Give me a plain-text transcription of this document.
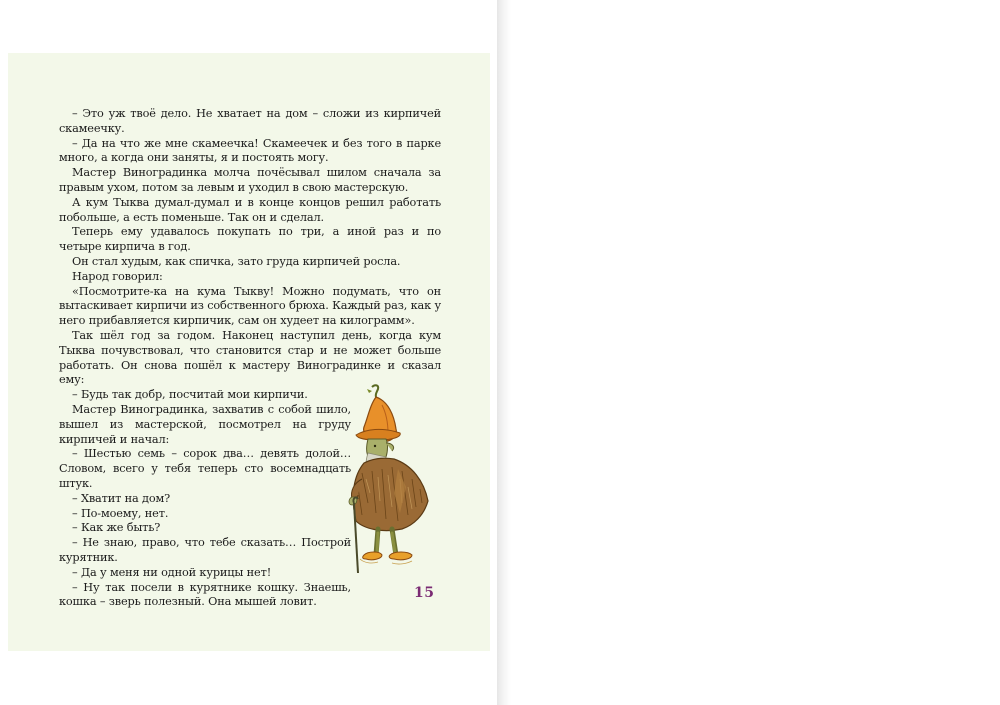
– Это уж твоё дело. Не хватает на дом – сложи из кирпичей скамеечку.

– Да на что же мне скамеечка! Скамеечек и без того в парке много, а когда они заняты, я и постоять могу.

Мастер Виноградинка молча почёсывал шилом сначала за правым ухом, потом за левым и уходил в свою мастерскую.

А кум Тыква думал-думал и в конце концов решил работать побольше, а есть поменьше. Так он и сделал.

Теперь ему удавалось покупать по три, а иной раз и по четыре кирпича в год.

Он стал худым, как спичка, зато груда кирпичей росла.

Народ говорил:

«Посмотрите-ка на кума Тыкву! Можно подумать, что он вытаскивает кирпичи из собственного брюха. Каждый раз, как у него прибавляется кирпичик, сам он худеет на килограмм».

Так шёл год за годом. Наконец наступил день, когда кум Тыква почувствовал, что становится стар и не может больше работать. Он снова пошёл к мастеру Виноградинке и сказал ему:

– Будь так добр, посчитай мои кирпичи.

Мастер Виноградинка, захватив с собой шило, вышел из мастерской, посмотрел на груду кирпичей и начал:

– Шестью семь – сорок два… девять долой… Словом, всего у тебя теперь сто восемнадцать штук.

– Хватит на дом?

– По-моему, нет.

– Как же быть?

– Не знаю, право, что тебе сказать… Построй курятник.

– Да у меня ни одной курицы нет!

– Ну так посели в курятнике кошку. Знаешь, кошка – зверь полезный. Она мышей ловит.

15
